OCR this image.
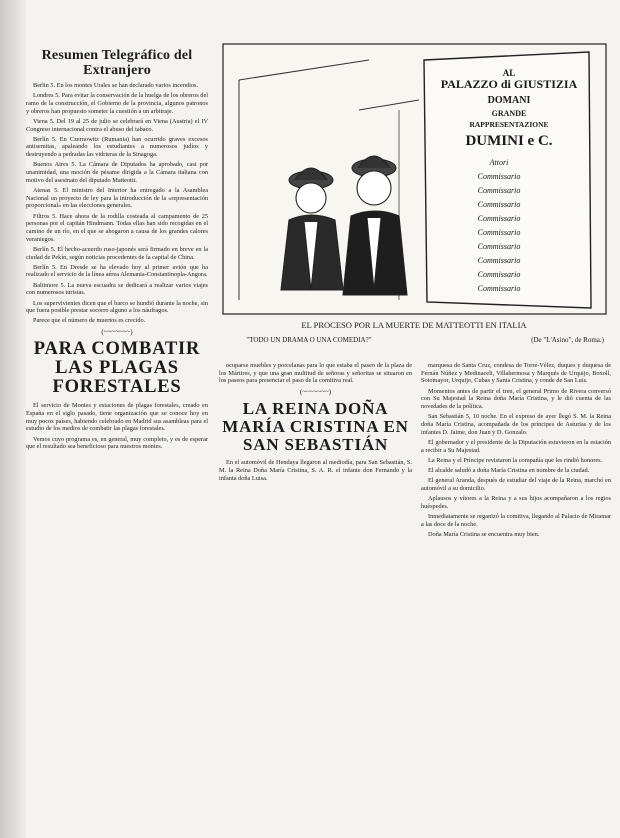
Resumen Telegráfico del Extranjero

Berlin 5. En los montes Urales se han declarado varios incendios.

Londres 5. Para evitar la conservación de la huelga de los obreros del ramo de la construcción, el Gobierno de la provincia, algunos patronos y obreros han propuesto someter la cuestión a un arbitraje.

Viena 5. Del 19 al 25 de julio se celebrará en Viena (Austria) el IV Congreso internacional contra el abuso del tabaco.

Berlín 5. En Czernowitz (Rumania) han ocurrido graves excesos antisemitas, apaleando los estudiantes a numerosos judíos y destruyendo a pedradas las vidrieras de la Sinagoga.

Buenos Aires 5. La Cámara de Diputados ha aprobado, casi por unanimidad, una moción de pésame dirigida a la Cámara italiana con motivo del asesinato del diputado Matteotti.

Atenas 5. El ministro del Interior ha entregado a la Asamblea Nacional un proyecto de ley para la introducción de la «representación proporcional» en las elecciones generales.

Filtros 5. Hace ahora de la rodilla costeada al campamento de 25 personas por el capitán Hindmann. Todas ellas han sido recogidas en el camino de un río, en el que se ahogaron a causa de los grandes calores veraniegos.

Berlín 5. El hecho-acuerdo ruso-japonés será firmado en breve en la ciudad de Pekín, según noticias procedentes de la capital de China.

Berlín 5. En Dresde se ha elevado hoy al primer avión que ha realizado el servicio de la línea aérea Alemania-Constantinopla-Angora.

Baltimore 5. La nueva escuadra se dedicará a realizar varios viajes con numerosos turistas.

Los supervivientes dicen que el barco se hundió durante la noche, sin que fuera posible prestar socorro alguno a los náufragos.

Parece que el número de muertos es crecido.

(~~~~~~~)
PARA COMBATIR LAS PLAGAS FORESTALES

El servicio de Montes y estaciones de plagas forestales, creado en España en el siglo pasado, tiene organización que se conoce hoy en muy pocos países, habiendo celebrado en Madrid sus asambleas para el estudio de los medios de combatir las plagas forestales.

Vemos cuyo programa es, en general, muy completo, y es de esperar que el resultado sea beneficioso para nuestros montes.

AL PALAZZO di GIUSTIZIA DOMANI GRANDE RAPPRESENTAZIONE
DUMINI e C.
Attori
Commissario
Commissario
Commissario
Commissario
Commissario
Commissario
Commissario
Commissario
Commissario
EL PROCESO POR LA MUERTE DE MATTEOTTI EN ITALIA
"TODO UN DRAMA O UNA COMEDIA?"	(De "L'Asino", de Roma.)

ocuparse muebles y porcelanas para lo que estaba el paseo de la plaza de los Mártires, y que una gran multitud de señoras y señoritas se situaron en los paseos para presenciar el paso de la comitiva real.

(~~~~~~~)
LA REINA DOÑA MARÍA CRISTINA EN SAN SEBASTIÁN

En el automóvil de Hendaya llegaron al mediodía, para San Sebastián, S. M. la Reina Doña María Cristina, S. A. R. el infante don Fernando y la infanta doña Luisa.

marquesa de Santa Cruz, condesa de Torre-Vélez, duques y duquesa de Fernán Núñez y Medinaceli, Villahermosa y Marqués de Urquijo, Boxoll, Sotomayor, Urquijo, Cubas y Santa Cristina, y conde de San Luis.

Momentos antes de partir el tren, el general Primo de Rivera conversó con Su Majestad la Reina doña María Cristina, y le dió cuenta de las novedades de la política.

San Sebastián 5, 10 noche. En el expreso de ayer llegó S. M. la Reina doña María Cristina, acompañada de los príncipes de Asturias y de los infantes D. Jaime, don Juan y D. Gonzalo.

El gobernador y el presidente de la Diputación estuvieron en la estación a recibir a Su Majestad.

La Reina y el Príncipe revistaron la compañía que les rindió honores.

El alcalde saludó a doña María Cristina en nombre de la ciudad.

El general Aranda, después de estudiar del viaje de la Reina, marchó en automóvil a su domicilio.

Aplausos y vítores a la Reina y a sus hijos acompañaron a los regios huéspedes.

Inmediatamente se organizó la comitiva, llegando al Palacio de Miramar a las doce de la noche.

Doña María Cristina se encuentra muy bien.
